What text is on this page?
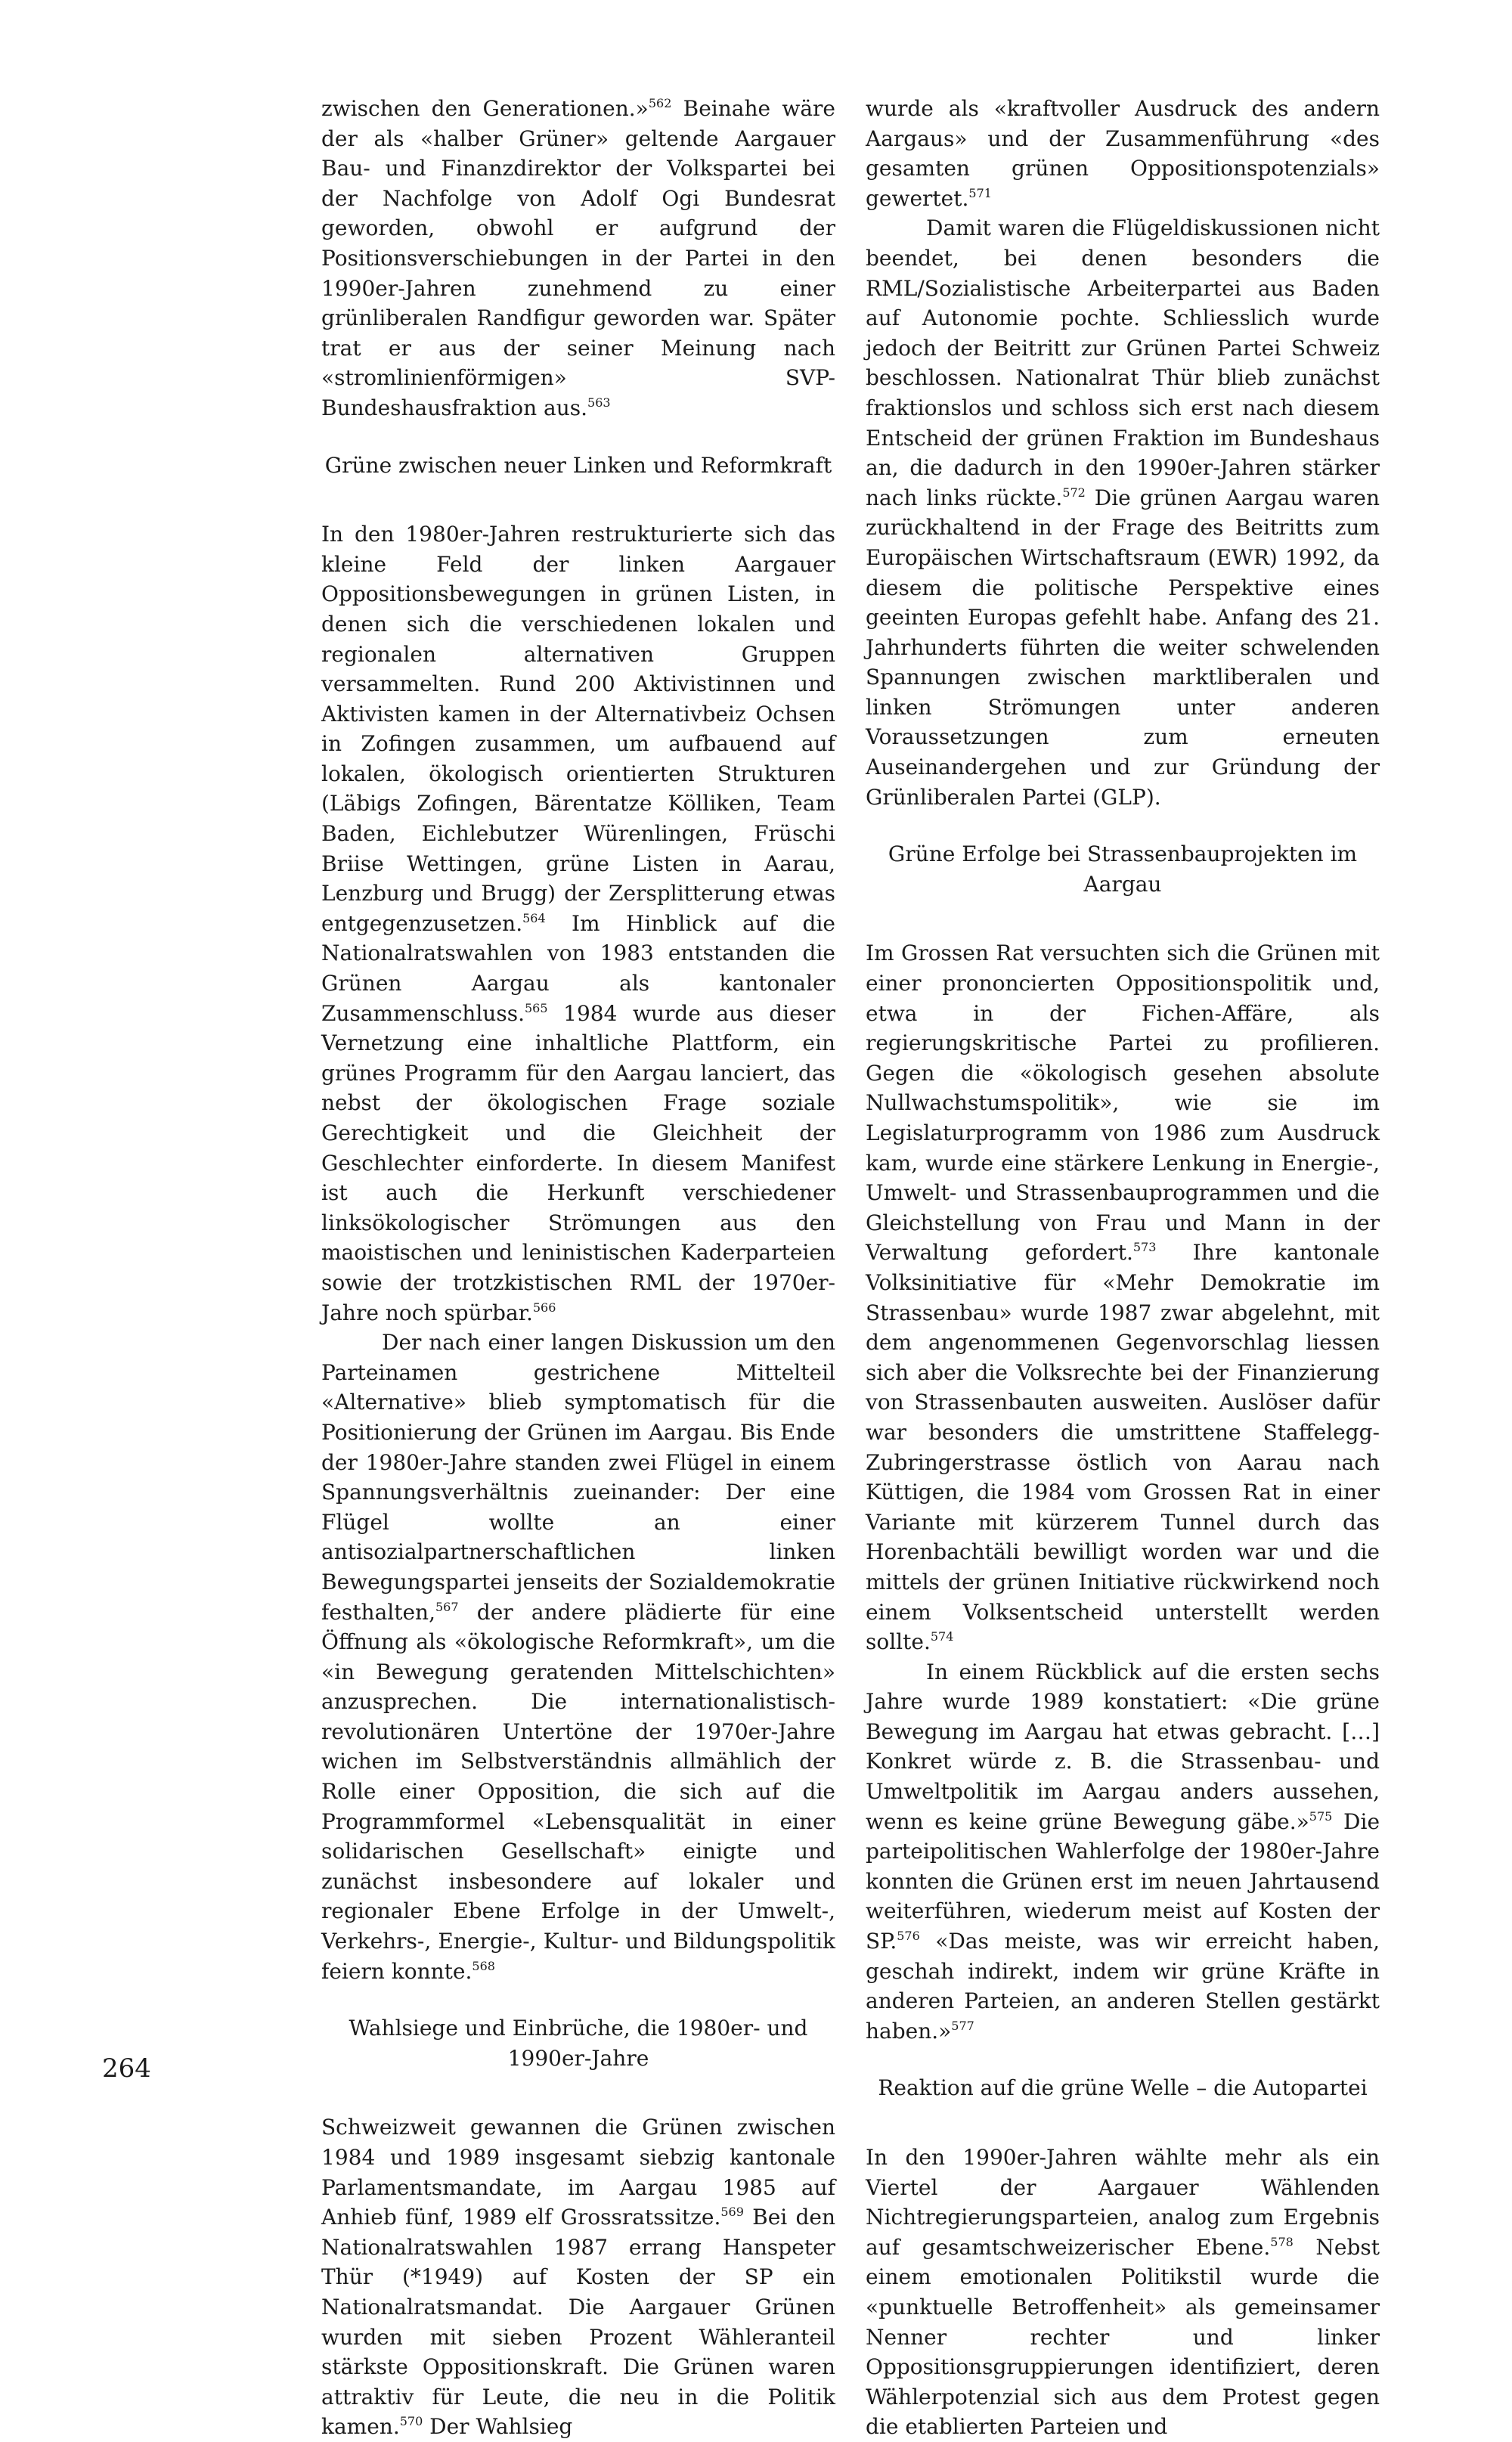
zwischen den Generationen.»$^{562}$ Beinahe wäre der als «halber Grüner» geltende Aargauer Bau- und Finanzdirektor der Volkspartei bei der Nachfolge von Adolf Ogi Bundesrat geworden, obwohl er aufgrund der Positionsverschiebungen in der Partei in den 1990er-Jahren zunehmend zu einer grünliberalen Randfigur geworden war. Später trat er aus der seiner Meinung nach «stromlinienförmigen» SVP-Bundeshausfraktion aus.$^{563}$

Grüne zwischen neuer Linken und Reformkraft

In den 1980er-Jahren restrukturierte sich das kleine Feld der linken Aargauer Oppositionsbewegungen in grünen Listen, in denen sich die verschiedenen lokalen und regionalen alternativen Gruppen versammelten. Rund 200 Aktivistinnen und Aktivisten kamen in der Alternativbeiz Ochsen in Zofingen zusammen, um aufbauend auf lokalen, ökologisch orientierten Strukturen (Läbigs Zofingen, Bärentatze Kölliken, Team Baden, Eichlebutzer Würenlingen, Früschi Briise Wettingen, grüne Listen in Aarau, Lenzburg und Brugg) der Zersplitterung etwas entgegenzusetzen.$^{564}$ Im Hinblick auf die Nationalratswahlen von 1983 entstanden die Grünen Aargau als kantonaler Zusammenschluss.$^{565}$ 1984 wurde aus dieser Vernetzung eine inhaltliche Plattform, ein grünes Programm für den Aargau lanciert, das nebst der ökologischen Frage soziale Gerechtigkeit und die Gleichheit der Geschlechter einforderte. In diesem Manifest ist auch die Herkunft verschiedener linksökologischer Strömungen aus den maoistischen und leninistischen Kaderparteien sowie der trotzkistischen RML der 1970er-Jahre noch spürbar.$^{566}$

Der nach einer langen Diskussion um den Parteinamen gestrichene Mittelteil «Alternative» blieb symptomatisch für die Positionierung der Grünen im Aargau. Bis Ende der 1980er-Jahre standen zwei Flügel in einem Spannungsverhältnis zueinander: Der eine Flügel wollte an einer antisozialpartnerschaftlichen linken Bewegungspartei jenseits der Sozialdemokratie festhalten,$^{567}$ der andere plädierte für eine Öffnung als «ökologische Reformkraft», um die «in Bewegung geratenden Mittelschichten» anzusprechen. Die internationalistisch-revolutionären Untertöne der 1970er-Jahre wichen im Selbstverständnis allmählich der Rolle einer Opposition, die sich auf die Programmformel «Lebensqualität in einer solidarischen Gesellschaft» einigte und zunächst insbesondere auf lokaler und regionaler Ebene Erfolge in der Umwelt-, Verkehrs-, Energie-, Kultur- und Bildungspolitik feiern konnte.$^{568}$

Wahlsiege und Einbrüche, die 1980er- und 1990er-Jahre

Schweizweit gewannen die Grünen zwischen 1984 und 1989 insgesamt siebzig kantonale Parlamentsmandate, im Aargau 1985 auf Anhieb fünf, 1989 elf Grossratssitze.$^{569}$ Bei den Nationalratswahlen 1987 errang Hanspeter Thür (*1949) auf Kosten der SP ein Nationalratsmandat. Die Aargauer Grünen wurden mit sieben Prozent Wähleranteil stärkste Oppositionskraft. Die Grünen waren attraktiv für Leute, die neu in die Politik kamen.$^{570}$ Der Wahlsieg

wurde als «kraftvoller Ausdruck des andern Aargaus» und der Zusammenführung «des gesamten grünen Oppositionspotenzials» gewertet.$^{571}$

Damit waren die Flügeldiskussionen nicht beendet, bei denen besonders die RML/Sozialistische Arbeiterpartei aus Baden auf Autonomie pochte. Schliesslich wurde jedoch der Beitritt zur Grünen Partei Schweiz beschlossen. Nationalrat Thür blieb zunächst fraktionslos und schloss sich erst nach diesem Entscheid der grünen Fraktion im Bundeshaus an, die dadurch in den 1990er-Jahren stärker nach links rückte.$^{572}$ Die grünen Aargau waren zurückhaltend in der Frage des Beitritts zum Europäischen Wirtschaftsraum (EWR) 1992, da diesem die politische Perspektive eines geeinten Europas gefehlt habe. Anfang des 21. Jahrhunderts führten die weiter schwelenden Spannungen zwischen marktliberalen und linken Strömungen unter anderen Voraussetzungen zum erneuten Auseinandergehen und zur Gründung der Grünliberalen Partei (GLP).

Grüne Erfolge bei Strassenbauprojekten im Aargau

Im Grossen Rat versuchten sich die Grünen mit einer prononcierten Oppositionspolitik und, etwa in der Fichen-Affäre, als regierungskritische Partei zu profilieren. Gegen die «ökologisch gesehen absolute Nullwachstumspolitik», wie sie im Legislaturprogramm von 1986 zum Ausdruck kam, wurde eine stärkere Lenkung in Energie-, Umwelt- und Strassenbauprogrammen und die Gleichstellung von Frau und Mann in der Verwaltung gefordert.$^{573}$ Ihre kantonale Volksinitiative für «Mehr Demokratie im Strassenbau» wurde 1987 zwar abgelehnt, mit dem angenommenen Gegenvorschlag liessen sich aber die Volksrechte bei der Finanzierung von Strassenbauten ausweiten. Auslöser dafür war besonders die umstrittene Staffelegg-Zubringerstrasse östlich von Aarau nach Küttigen, die 1984 vom Grossen Rat in einer Variante mit kürzerem Tunnel durch das Horenbachtäli bewilligt worden war und die mittels der grünen Initiative rückwirkend noch einem Volksentscheid unterstellt werden sollte.$^{574}$

In einem Rückblick auf die ersten sechs Jahre wurde 1989 konstatiert: «Die grüne Bewegung im Aargau hat etwas gebracht. […] Konkret würde z. B. die Strassenbau- und Umweltpolitik im Aargau anders aussehen, wenn es keine grüne Bewegung gäbe.»$^{575}$ Die parteipolitischen Wahlerfolge der 1980er-Jahre konnten die Grünen erst im neuen Jahrtausend weiterführen, wiederum meist auf Kosten der SP.$^{576}$ «Das meiste, was wir erreicht haben, geschah indirekt, indem wir grüne Kräfte in anderen Parteien, an anderen Stellen gestärkt haben.»$^{577}$

Reaktion auf die grüne Welle – die Autopartei

In den 1990er-Jahren wählte mehr als ein Viertel der Aargauer Wählenden Nichtregierungsparteien, analog zum Ergebnis auf gesamtschweizerischer Ebene.$^{578}$ Nebst einem emotionalen Politikstil wurde die «punktuelle Betroffenheit» als gemeinsamer Nenner rechter und linker Oppositionsgruppierungen identifiziert, deren Wählerpotenzial sich aus dem Protest gegen die etablierten Parteien und

264
